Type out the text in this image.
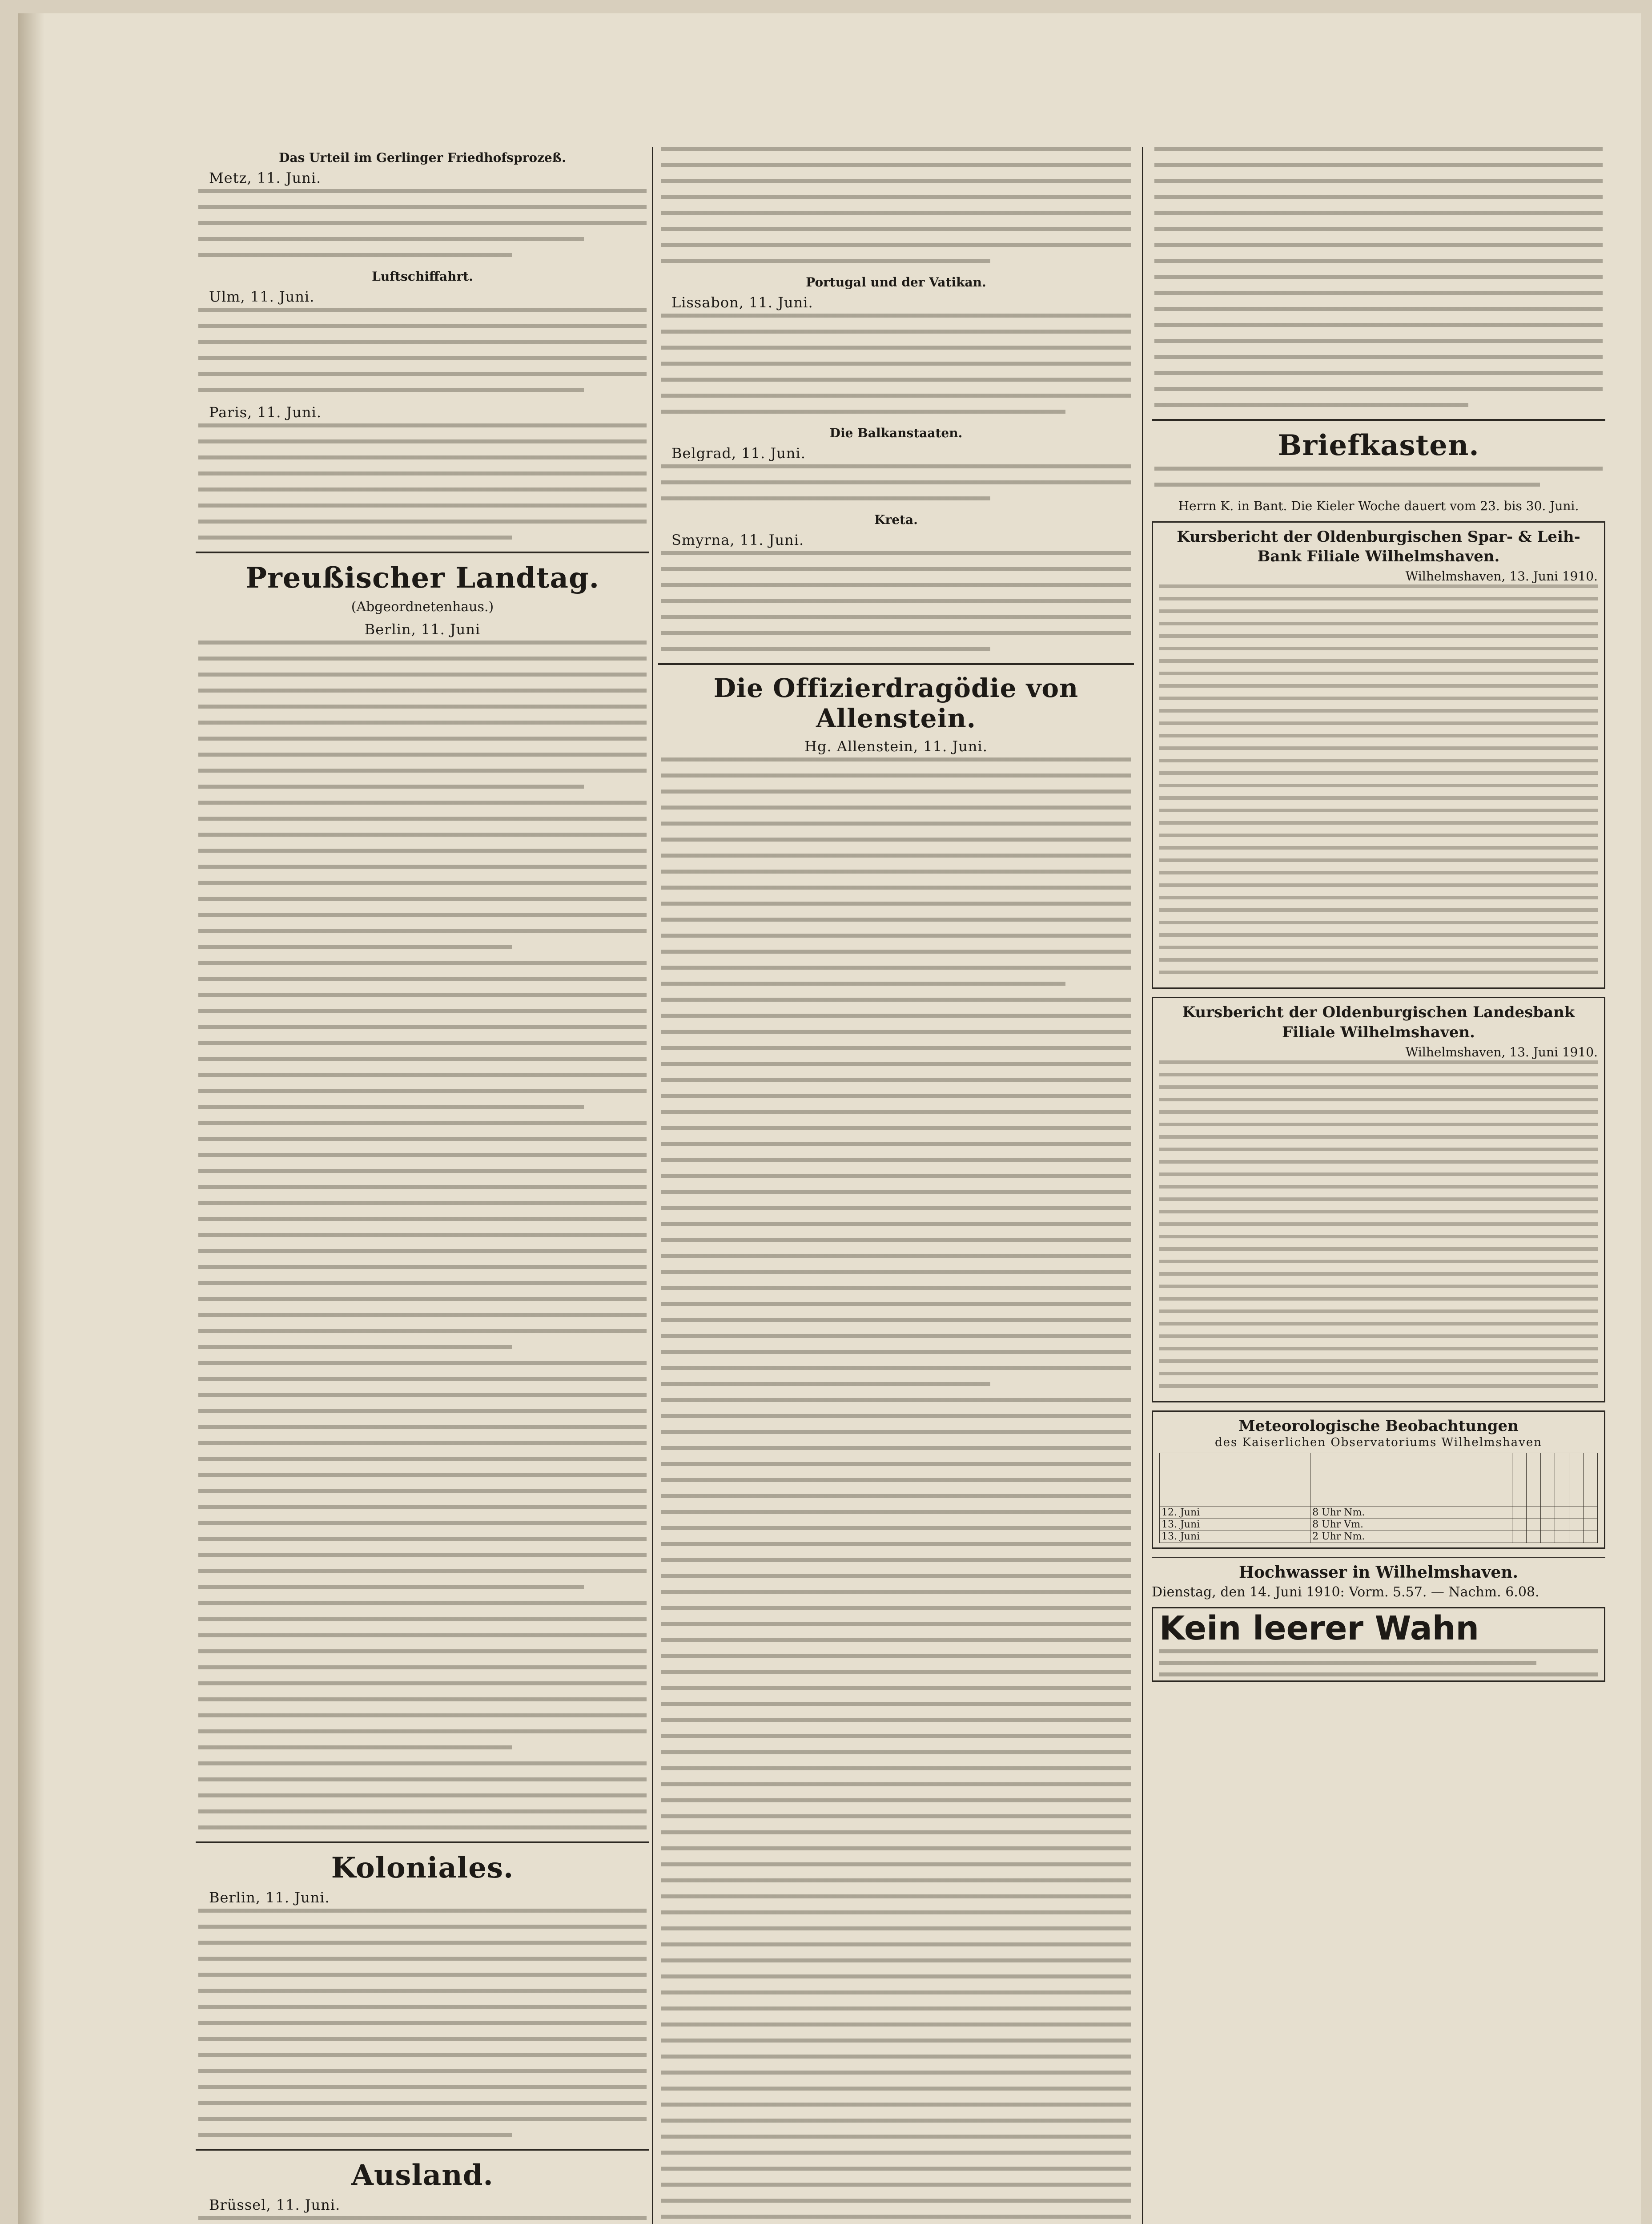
Das Urteil im Gerlinger Friedhofsprozeß.
Metz, 11. Juni.
Luftschiffahrt.
Ulm, 11. Juni.
Paris, 11. Juni.
Preußischer Landtag.
(Abgeordnetenhaus.)
Berlin, 11. Juni
Koloniales.
Berlin, 11. Juni.
Ausland.
Brüssel, 11. Juni.
Portugal und der Vatikan.
Lissabon, 11. Juni.
Die Balkanstaaten.
Belgrad, 11. Juni.
Kreta.
Smyrna, 11. Juni.
Die Offizierdragödie von Allenstein.
Hg. Allenstein, 11. Juni.
Briefkasten.
Herrn K. in Bant. Die Kieler Woche dauert vom 23. bis 30. Juni.
Kursbericht der Oldenburgischen Spar- & Leih-Bank Filiale Wilhelmshaven.
Wilhelmshaven, 13. Juni 1910.
Kursbericht der Oldenburgischen Landesbank Filiale Wilhelmshaven.
Wilhelmshaven, 13. Juni 1910.
Meteorologische Beobachtungen
des Kaiserlichen Observatoriums Wilhelmshaven

12. Juni	8 Uhr Nm.						
13. Juni	8 Uhr Vm.						
13. Juni	2 Uhr Nm.						
Hochwasser in Wilhelmshaven.
Dienstag, den 14. Juni 1910: Vorm. 5.57. — Nachm. 6.08.
Kein leerer Wahn
